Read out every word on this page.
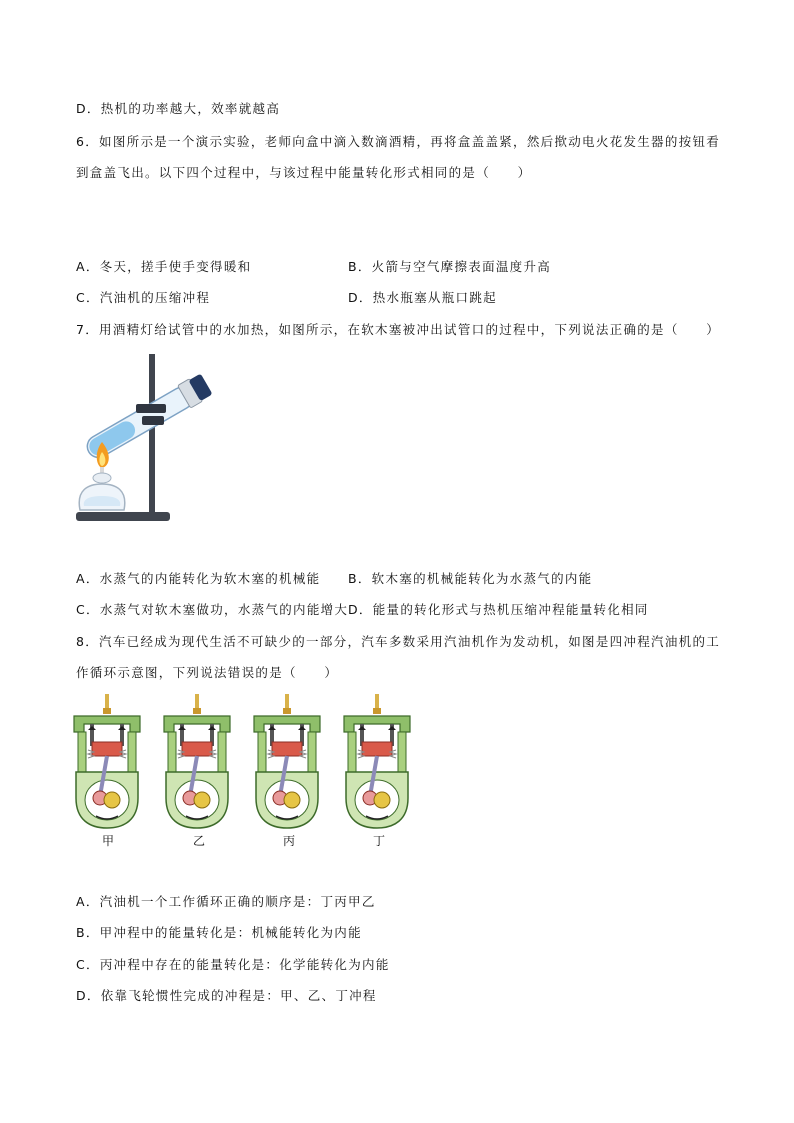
D．热机的功率越大，效率就越高
6．如图所示是一个演示实验，老师向盒中滴入数滴酒精，再将盒盖盖紧，然后揿动电火花发生器的按钮看
到盒盖飞出。以下四个过程中，与该过程中能量转化形式相同的是（　　）
A．冬天，搓手使手变得暖和	B．火箭与空气摩擦表面温度升高
C．汽油机的压缩冲程	D．热水瓶塞从瓶口跳起
7．用酒精灯给试管中的水加热，如图所示，在软木塞被冲出试管口的过程中，下列说法正确的是（　　）
A．水蒸气的内能转化为软木塞的机械能 B．软木塞的机械能转化为水蒸气的内能
C．水蒸气对软木塞做功，水蒸气的内能增大 D．能量的转化形式与热机压缩冲程能量转化相同
8．汽车已经成为现代生活不可缺少的一部分，汽车多数采用汽油机作为发动机，如图是四冲程汽油机的工
作循环示意图，下列说法错误的是（　　）
甲	乙	丙	丁
A．汽油机一个工作循环正确的顺序是：丁丙甲乙
B．甲冲程中的能量转化是：机械能转化为内能
C．丙冲程中存在的能量转化是：化学能转化为内能
D．依靠飞轮惯性完成的冲程是：甲、乙、丁冲程
